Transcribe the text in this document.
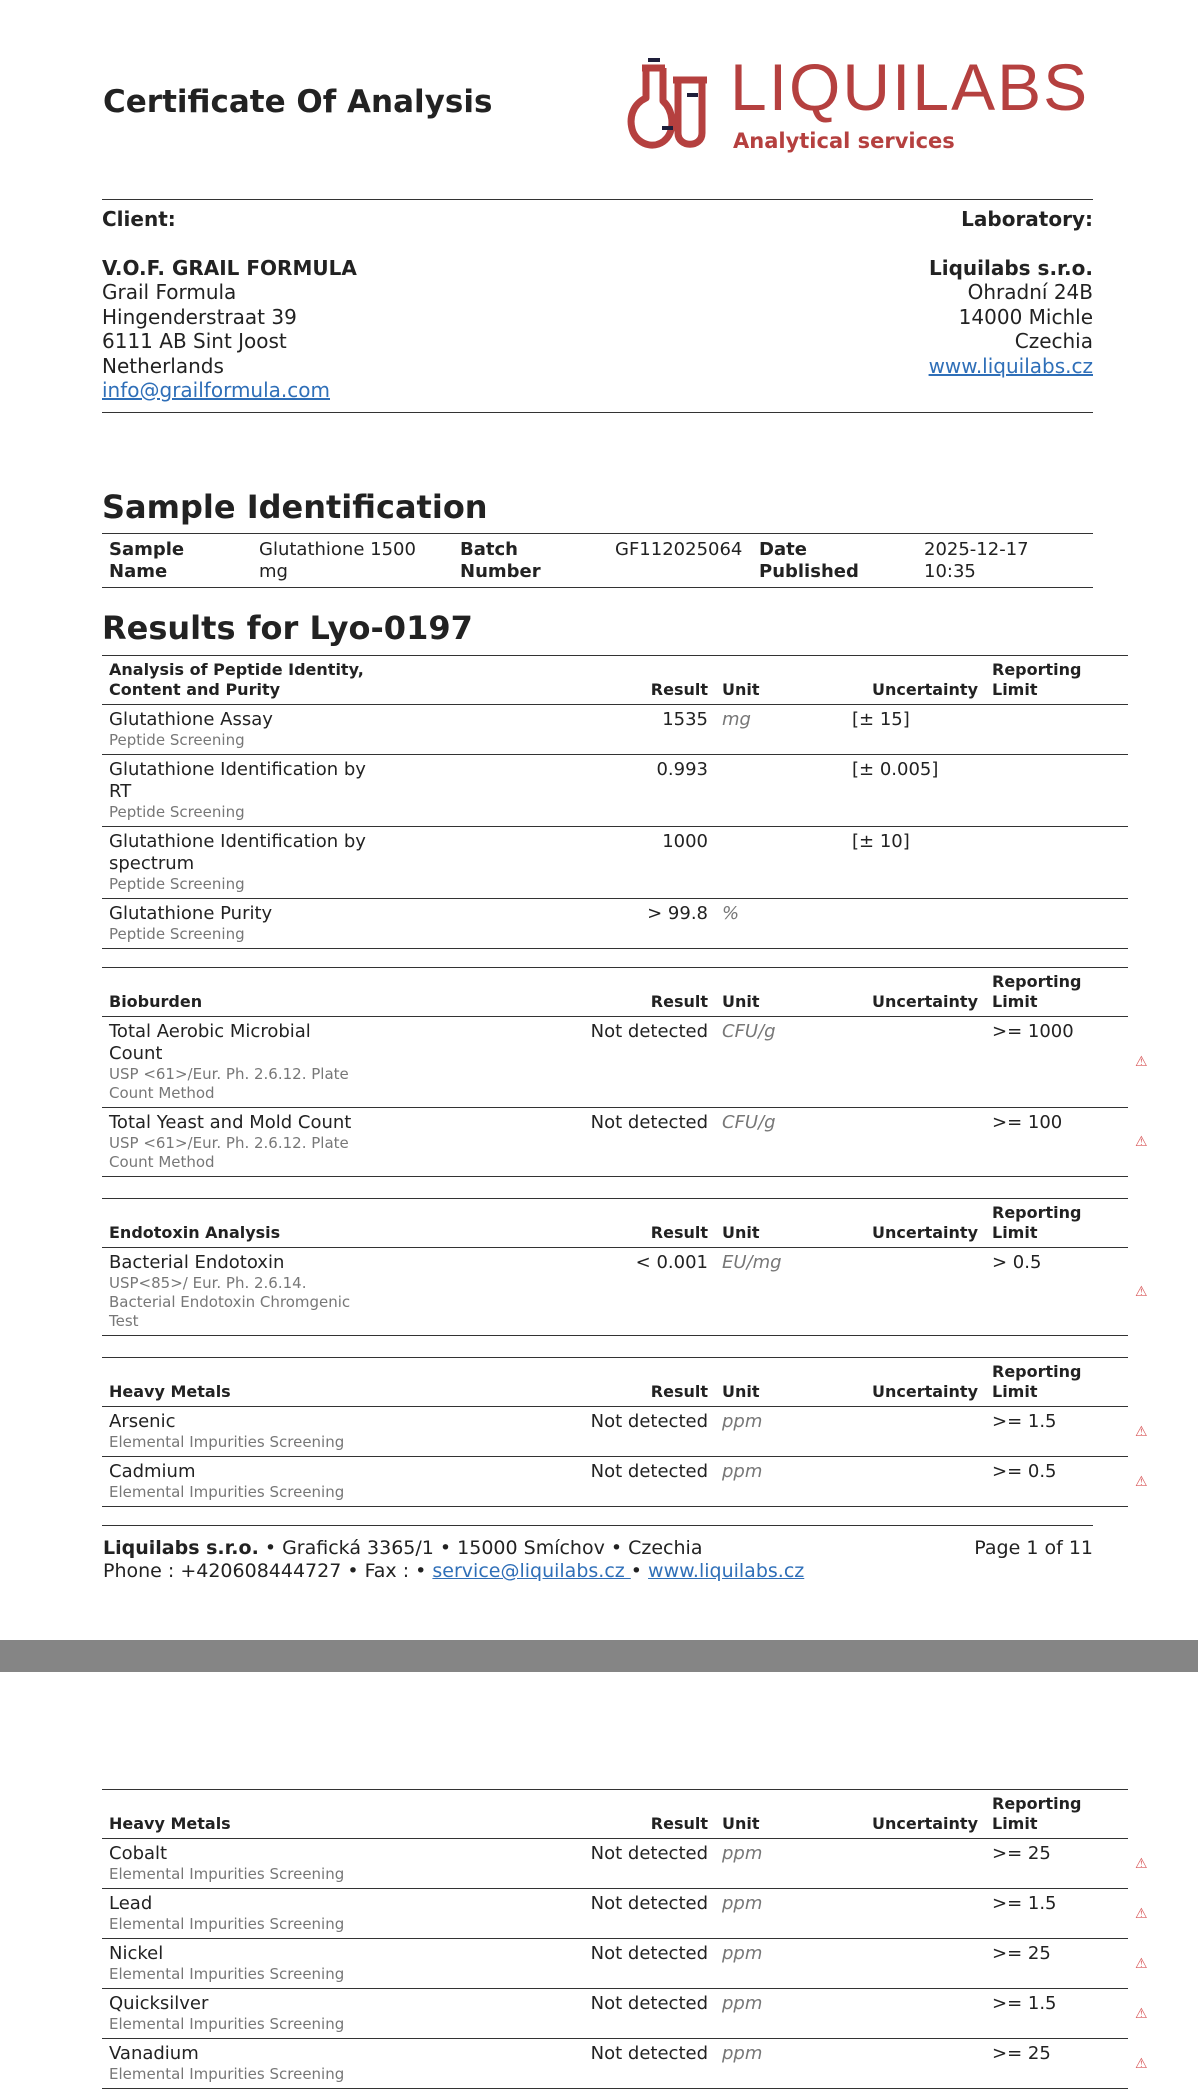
Certificate Of Analysis	LIQUILABS
Analytical services
Client:
V.O.F. GRAIL FORMULA
Grail Formula
Hingenderstraat 39
6111 AB Sint Joost
Netherlands
info@grailformula.com
Laboratory:
Liquilabs s.r.o.
Ohradní 24B
14000 Michle
Czechia
www.liquilabs.cz
Sample Identification
Sample Name	Glutathione 1500 mg	Batch Number	GF112025064	Date Published	2025-12-17 10:35
Results for Lyo-0197
Analysis of Peptide Identity, Content and Purity	Result	Unit	Uncertainty	Reporting Limit	
Glutathione Assay
Peptide Screening	1535	mg	[± 15]		
Glutathione Identification by RT
Peptide Screening	0.993		[± 0.005]		
Glutathione Identification by spectrum
Peptide Screening	1000		[± 10]		
Glutathione Purity
Peptide Screening	> 99.8	%			
Bioburden	Result	Unit	Uncertainty	Reporting Limit	
Total Aerobic Microbial Count
USP <61>/Eur. Ph. 2.6.12. Plate Count Method	Not detected	CFU/g		>= 1000	⚠
Total Yeast and Mold Count
USP <61>/Eur. Ph. 2.6.12. Plate Count Method	Not detected	CFU/g		>= 100	⚠
Endotoxin Analysis	Result	Unit	Uncertainty	Reporting Limit	
Bacterial Endotoxin
USP<85>/ Eur. Ph. 2.6.14. Bacterial Endotoxin Chromgenic Test	< 0.001	EU/mg		> 0.5	⚠
Heavy Metals	Result	Unit	Uncertainty	Reporting Limit	
Arsenic
Elemental Impurities Screening	Not detected	ppm		>= 1.5	⚠
Cadmium
Elemental Impurities Screening	Not detected	ppm		>= 0.5	⚠
Liquilabs s.r.o. • Grafická 3365/1 • 15000 Smíchov • Czechia
Phone : +420608444727 • Fax : • service@liquilabs.cz • www.liquilabs.cz
Page 1 of 11
Heavy Metals	Result	Unit	Uncertainty	Reporting Limit	
Cobalt
Elemental Impurities Screening	Not detected	ppm		>= 25	⚠
Lead
Elemental Impurities Screening	Not detected	ppm		>= 1.5	⚠
Nickel
Elemental Impurities Screening	Not detected	ppm		>= 25	⚠
Quicksilver
Elemental Impurities Screening	Not detected	ppm		>= 1.5	⚠
Vanadium
Elemental Impurities Screening	Not detected	ppm		>= 25	⚠
